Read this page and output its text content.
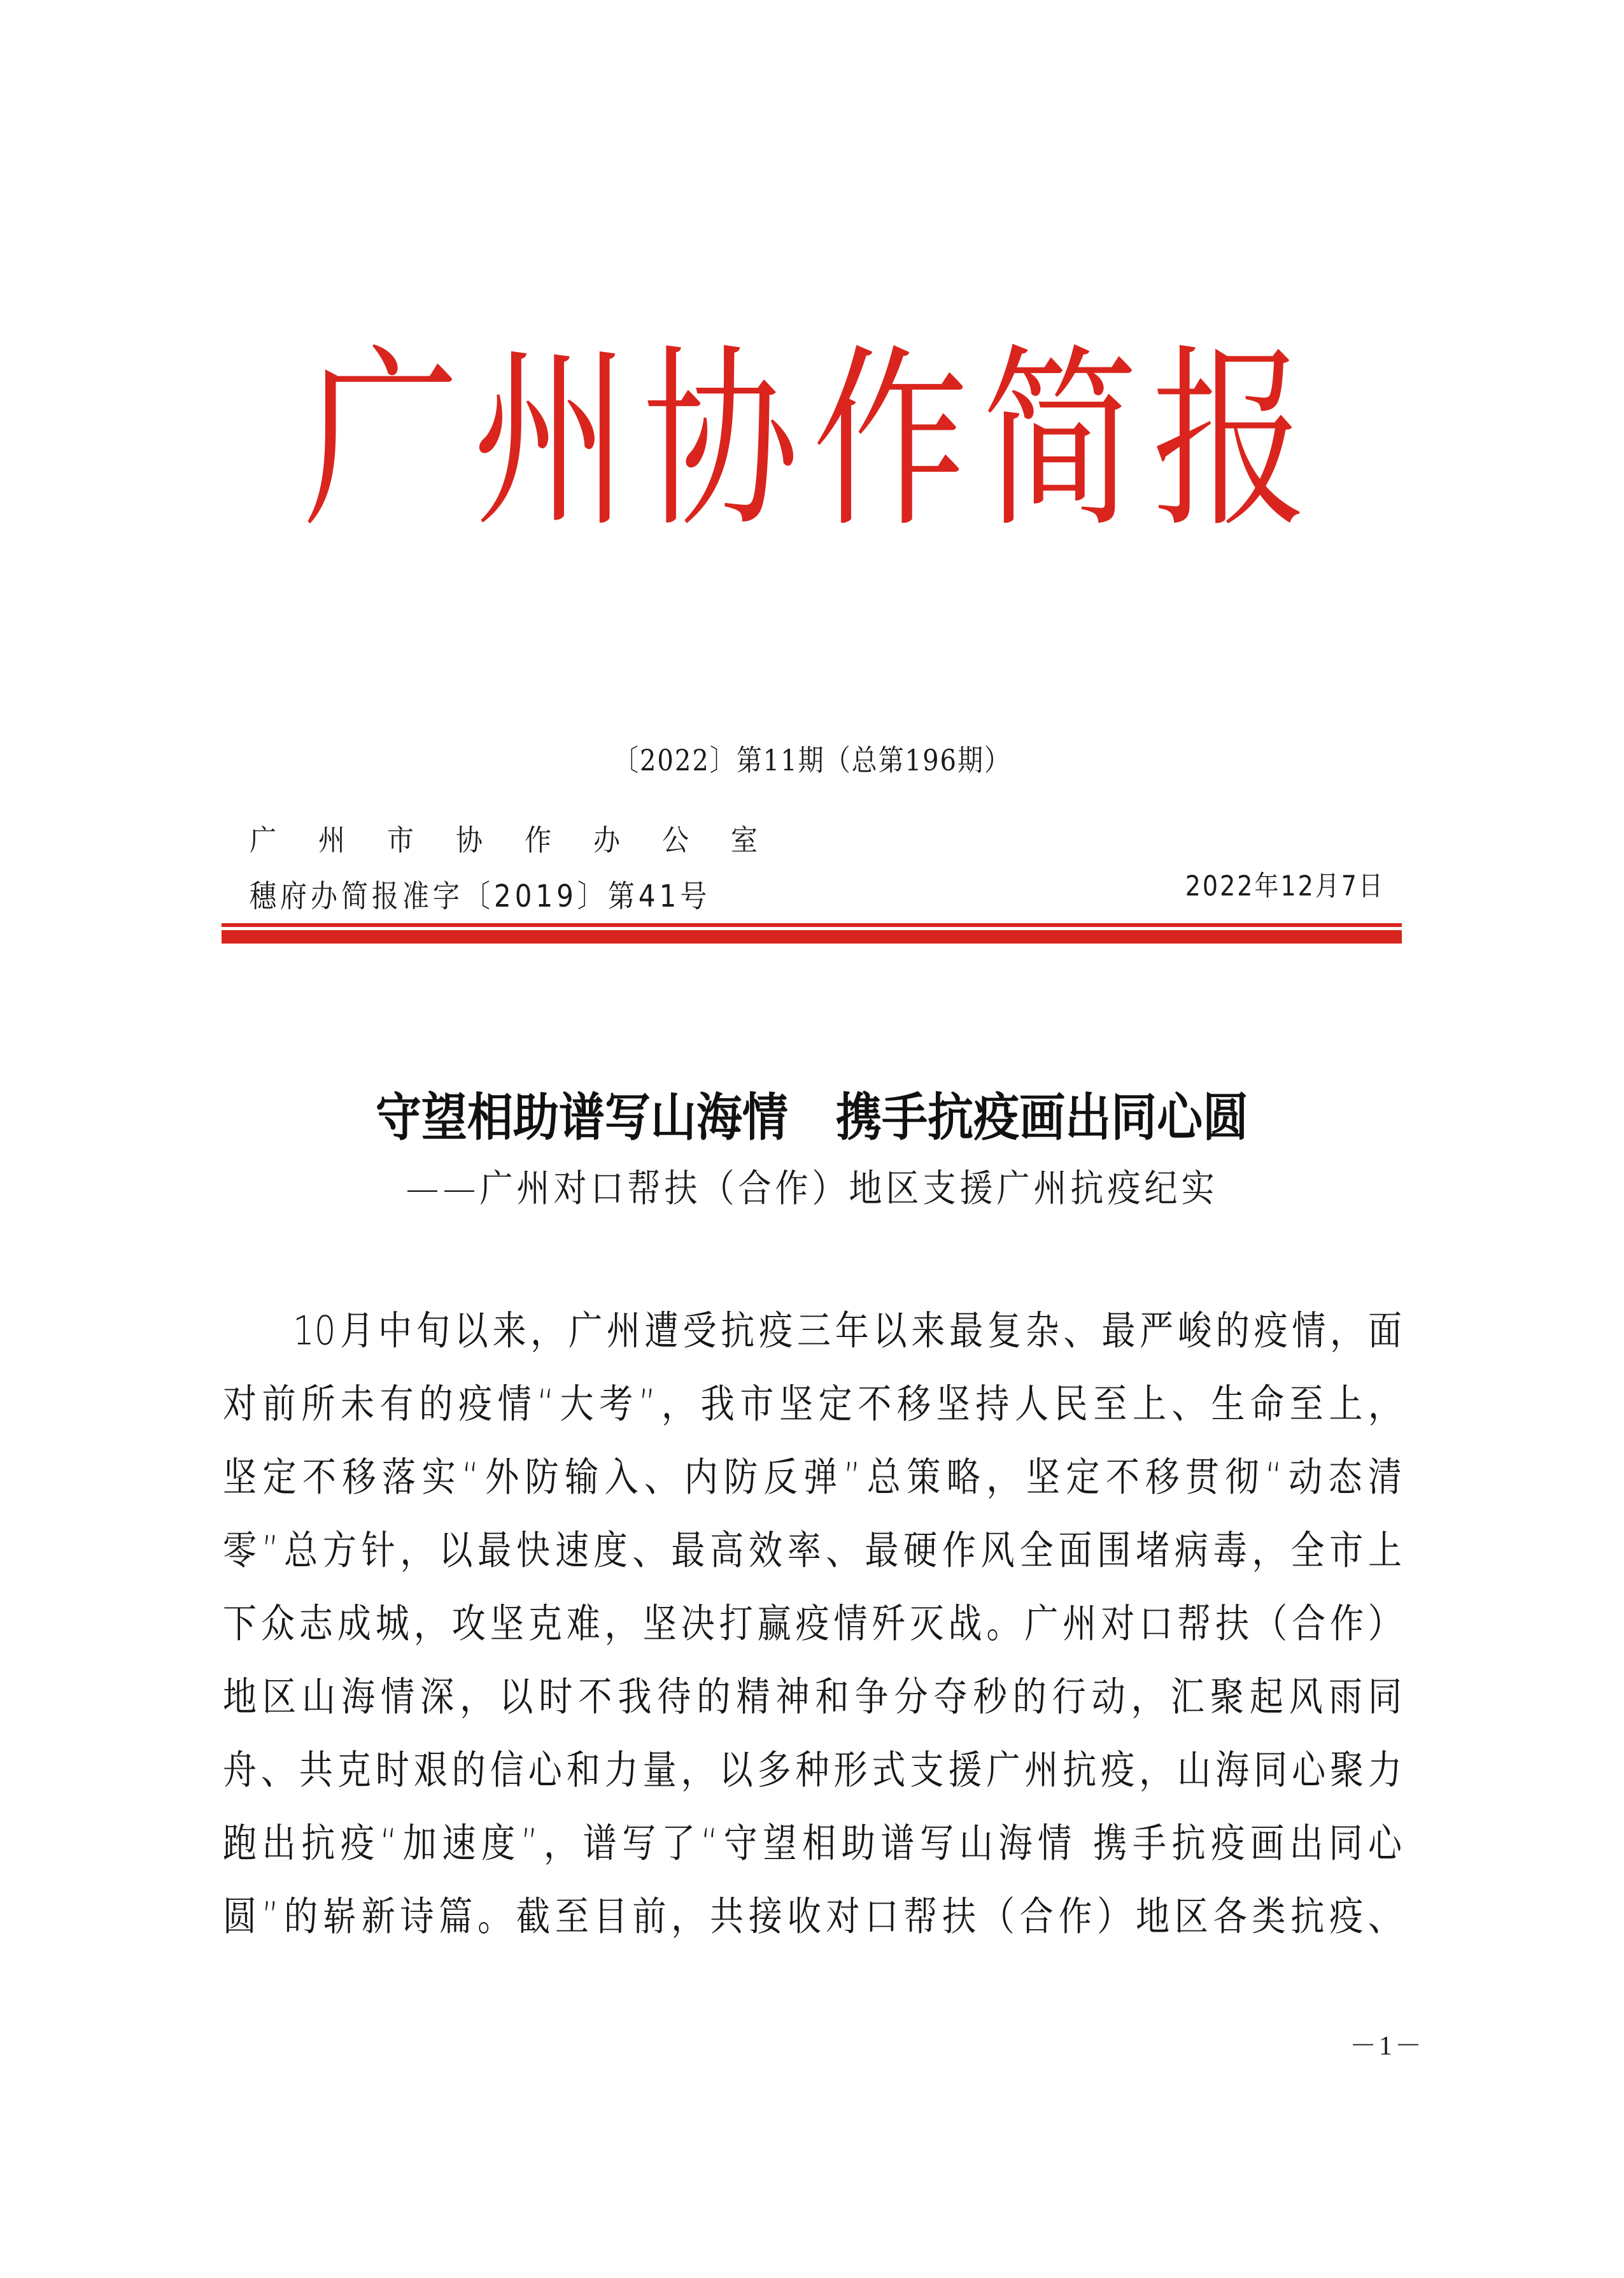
广州协作简报
〔2022〕第11期（总第196期）
广州市协作办公室
穗府办简报准字〔2019〕第41号	2022年12月7日
守望相助谱写山海情   携手抗疫画出同心圆
——广州对口帮扶（合作）地区支援广州抗疫纪实
10月中旬以来，广州遭受抗疫三年以来最复杂、最严峻的疫情，面
对前所未有的疫情“大考”，我市坚定不移坚持人民至上、生命至上，
坚定不移落实“外防输入、内防反弹”总策略，坚定不移贯彻“动态清
零”总方针，以最快速度、最高效率、最硬作风全面围堵病毒，全市上
下众志成城，攻坚克难，坚决打赢疫情歼灭战。广州对口帮扶（合作）
地区山海情深，以时不我待的精神和争分夺秒的行动，汇聚起风雨同
舟、共克时艰的信心和力量，以多种形式支援广州抗疫，山海同心聚力
跑出抗疫“加速度”，谱写了“守望相助谱写山海情 携手抗疫画出同心
圆”的崭新诗篇。截至目前，共接收对口帮扶（合作）地区各类抗疫、
－1－
